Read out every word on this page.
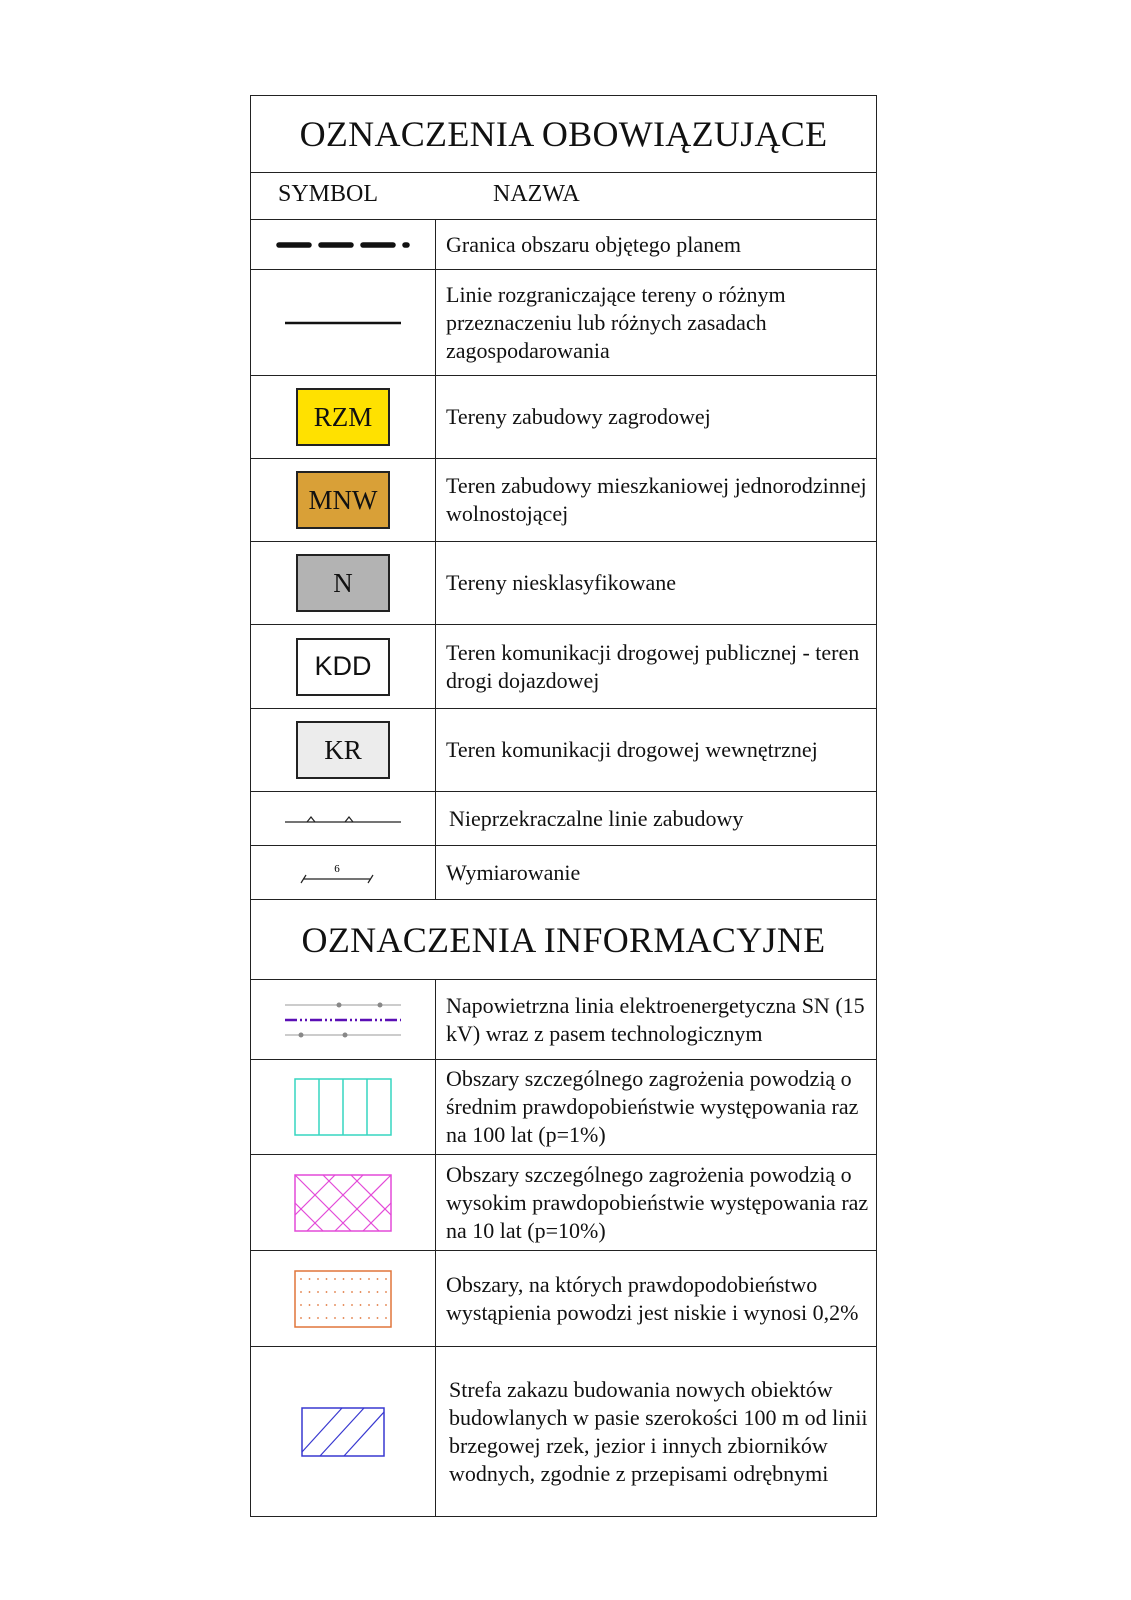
OZNACZENIA OBOWIĄZUJĄCE
SYMBOL	NAZWA
Granica obszaru objętego planem
Linie rozgraniczające tereny o różnym przeznaczeniu lub różnych zasadach zagospodarowania
RZM	Tereny zabudowy zagrodowej
MNW	Teren zabudowy mieszkaniowej jednorodzinnej wolnostojącej
N	Tereny niesklasyfikowane
KDD	Teren komunikacji drogowej publicznej - teren drogi dojazdowej
KR	Teren komunikacji drogowej wewnętrznej
Nieprzekraczalne linie zabudowy
6	Wymiarowanie
OZNACZENIA INFORMACYJNE
Napowietrzna linia elektroenergetyczna SN (15 kV) wraz z pasem technologicznym
Obszary szczególnego zagrożenia powodzią o średnim prawdopobieństwie występowania raz na 100 lat (p=1%)
Obszary szczególnego zagrożenia powodzią o wysokim prawdopobieństwie występowania raz na 10 lat (p=10%)
Obszary, na których prawdopodobieństwo wystąpienia powodzi jest niskie i wynosi 0,2%
Strefa zakazu budowania nowych obiektów budowlanych w pasie szerokości 100 m od linii brzegowej rzek, jezior i innych zbiorników wodnych, zgodnie z przepisami odrębnymi
